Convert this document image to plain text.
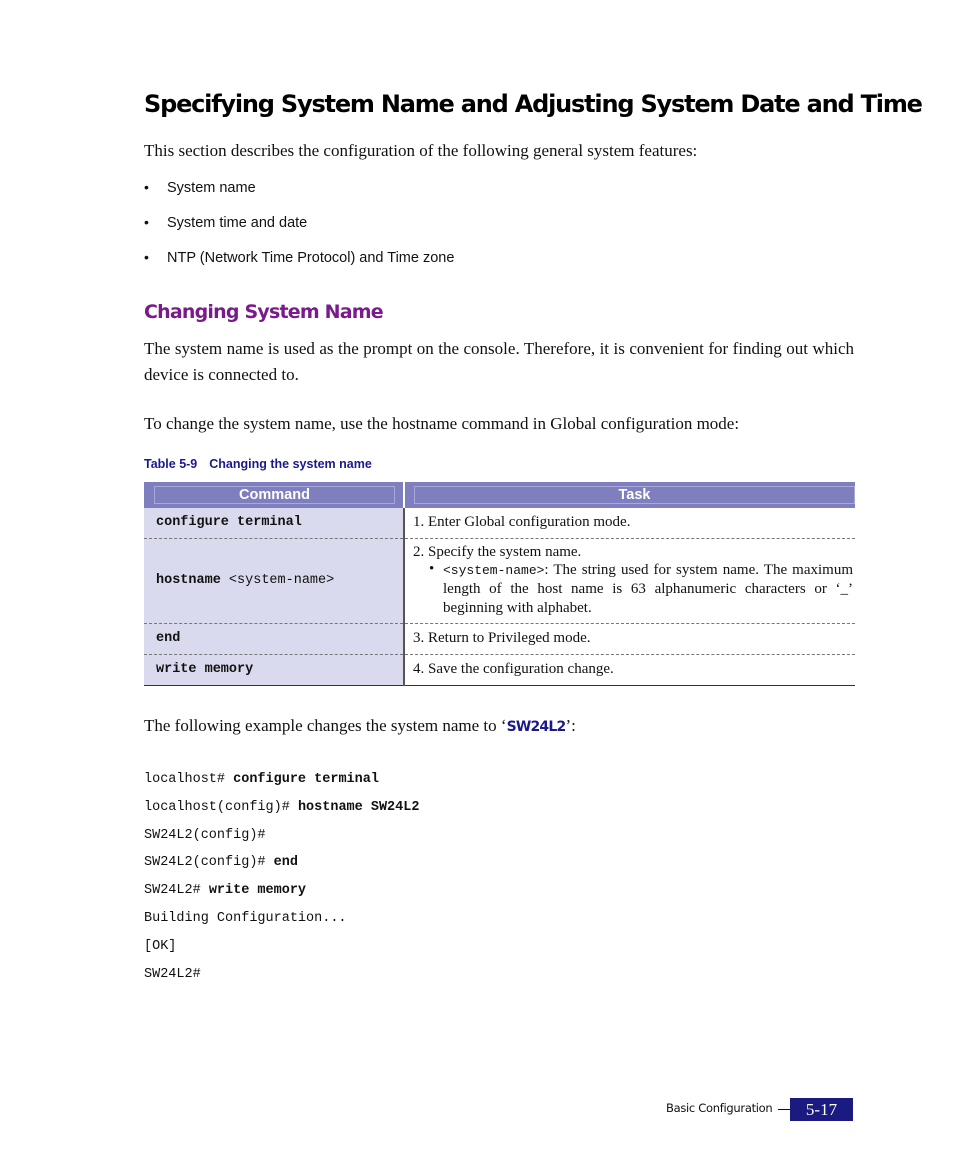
Specifying System Name and Adjusting System Date and Time
This section describes the configuration of the following general system features:
• System name
• System time and date
• NTP (Network Time Protocol) and Time zone
Changing System Name
The system name is used as the prompt on the console. Therefore, it is convenient for finding out which device is connected to.
To change the system name, use the hostname command in Global configuration mode:
Table 5-9 Changing the system name
Command	Task

configure terminal	1. Enter Global configuration mode.
hostname <system-name>	2. Specify the system name.
• <system-name>: The string used for system name. The maximum length of the host name is 63 alphanumeric characters or ‘_’ beginning with alphabet.

end	3. Return to Privileged mode.
write memory	4. Save the configuration change.
The following example changes the system name to ‘SW24L2’:
localhost# configure terminal
localhost(config)# hostname SW24L2
SW24L2(config)#
SW24L2(config)# end
SW24L2# write memory
Building Configuration...
[OK]
SW24L2#
Basic Configuration	5-17
